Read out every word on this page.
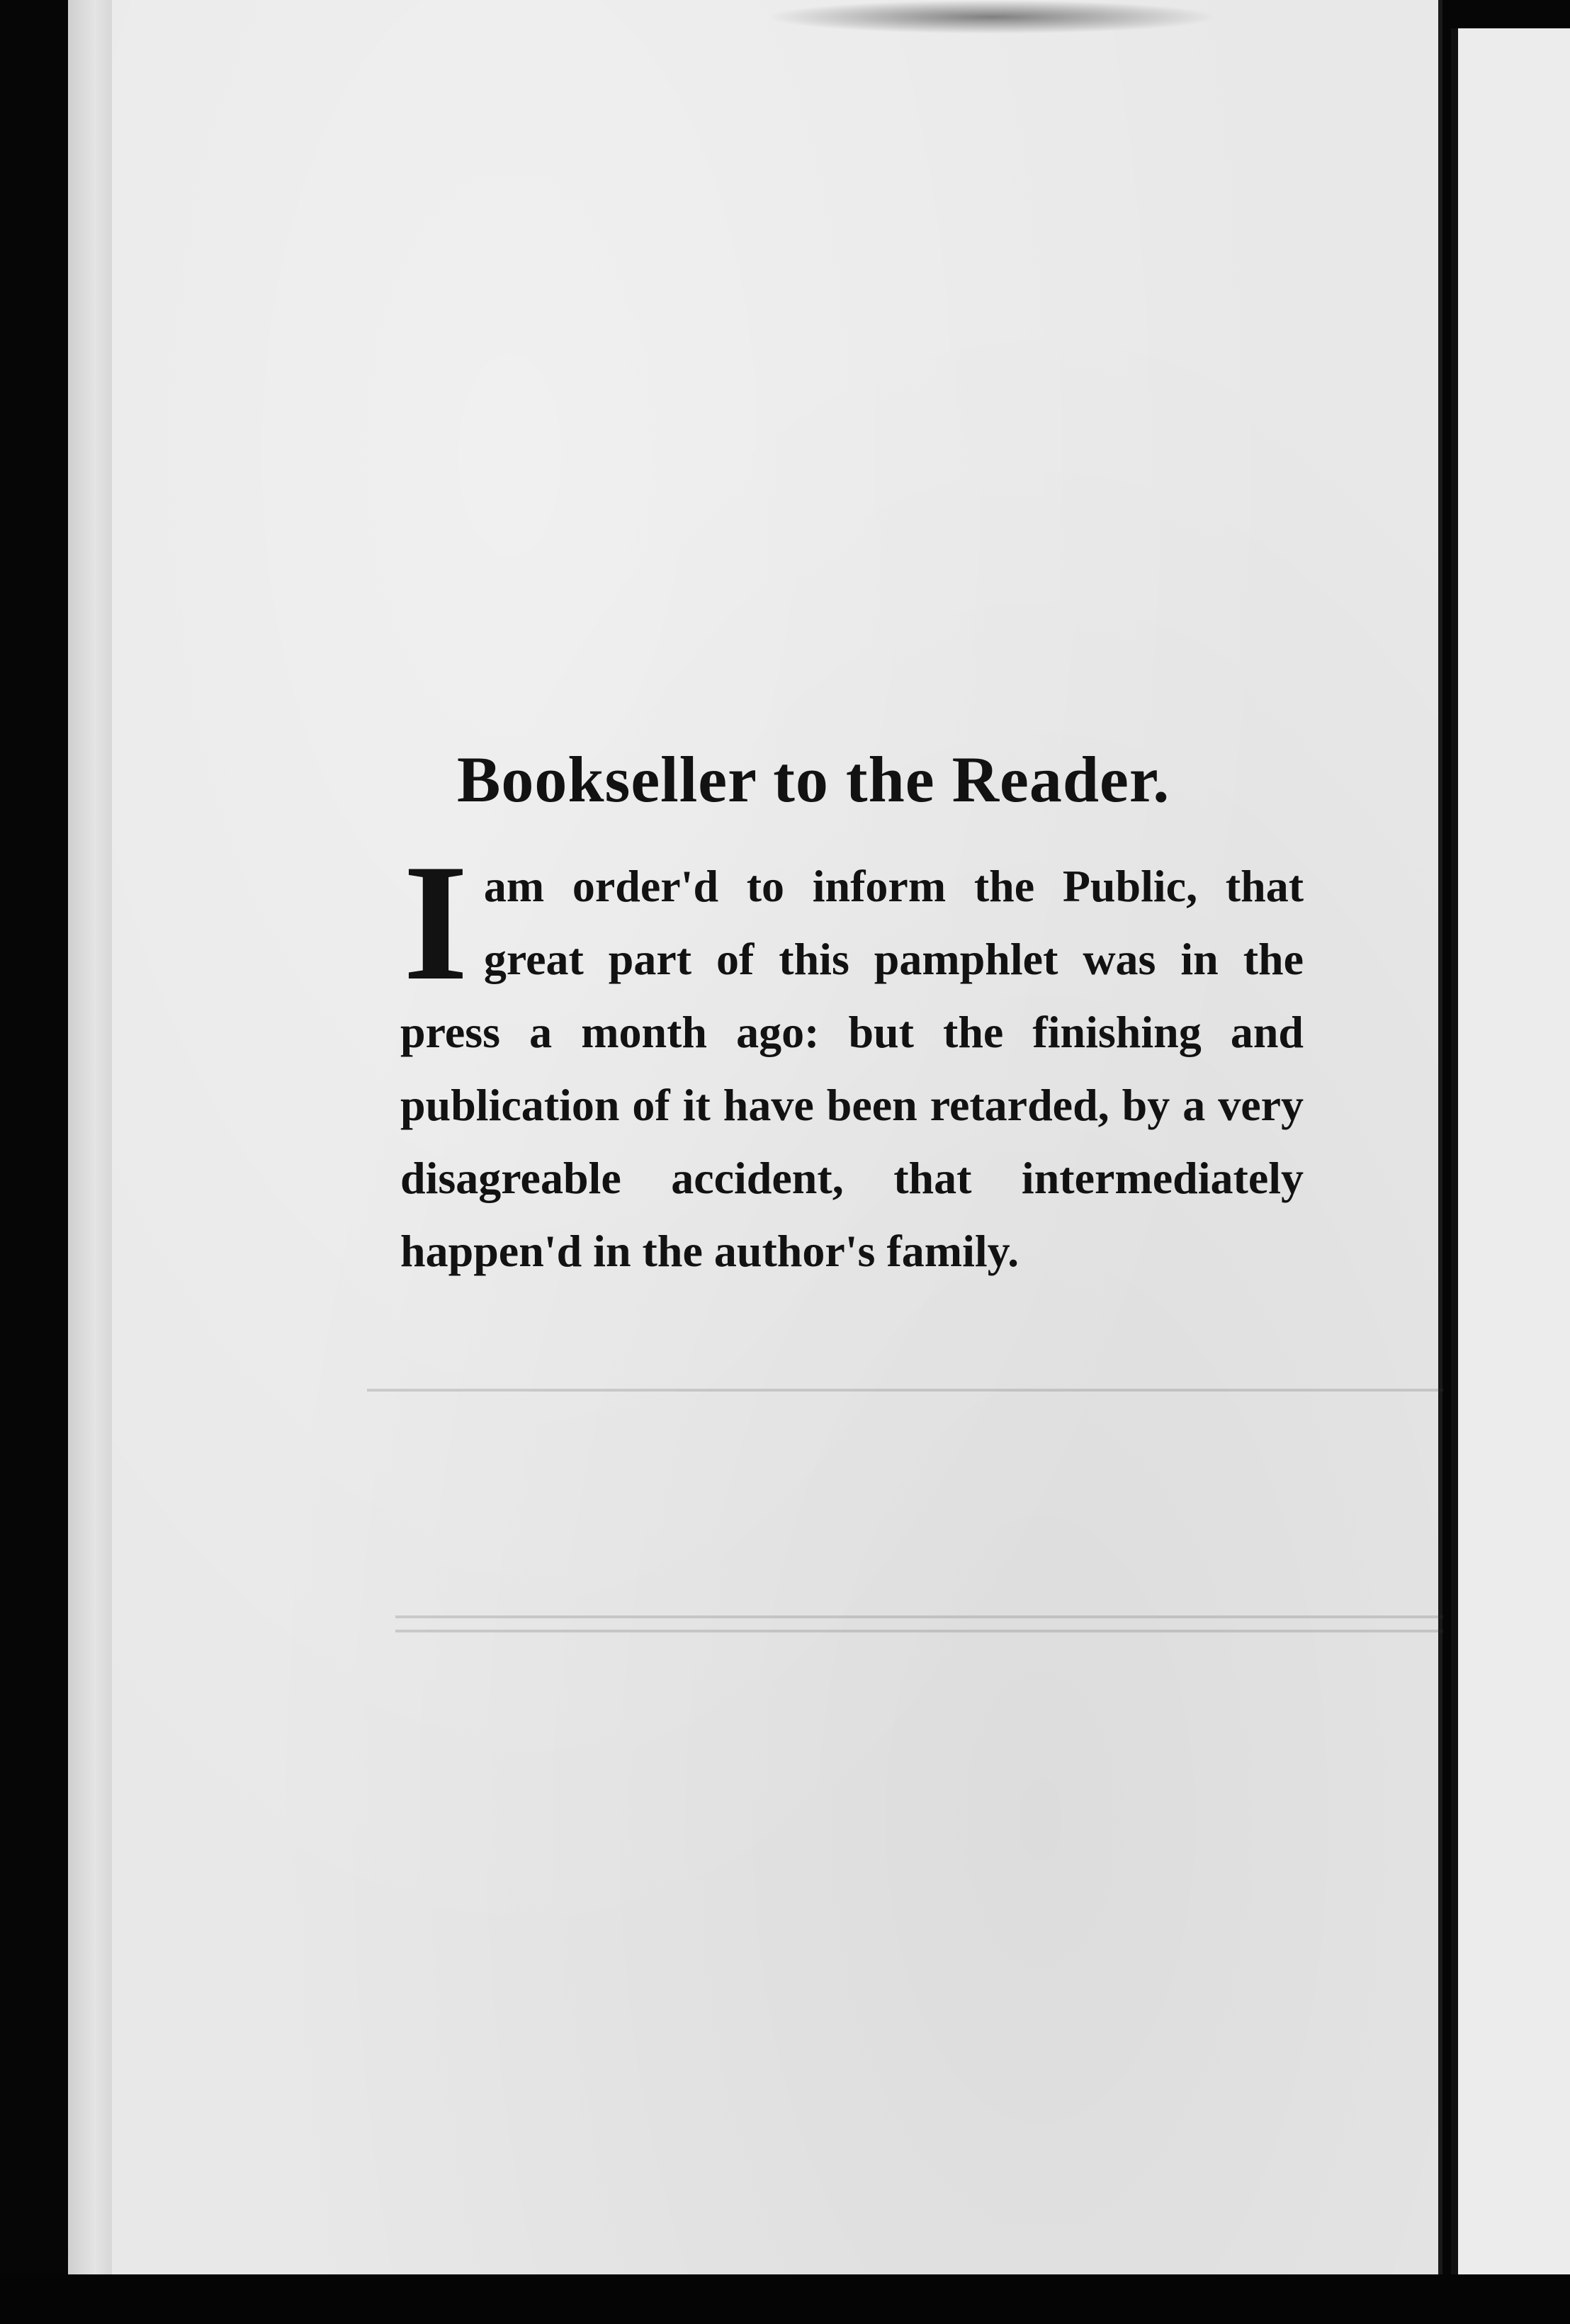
Bookseller to the Reader.

I am order'd to inform the Public, that great part of this pamphlet was in the press a month ago: but the finishing and publication of it have been retarded, by a very disagreable accident, that intermediately happen'd in the author's family.
